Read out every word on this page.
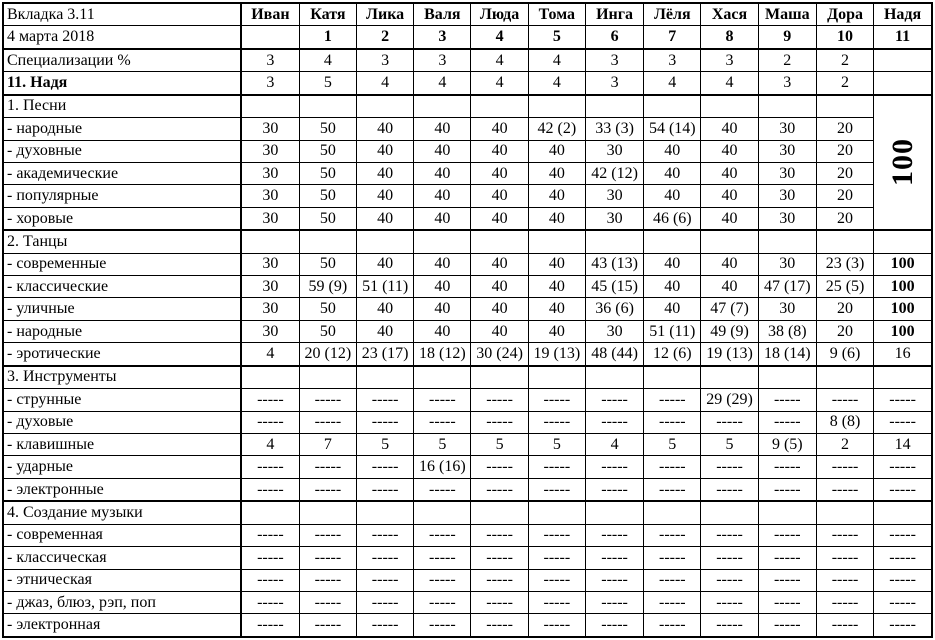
Вкладка 3.11	Иван	Катя	Лика	Валя	Люда	Тома	Инга	Лёля	Хася	Маша	Дора	Надя
4 марта 2018		1	2	3	4	5	6	7	8	9	10	11
Специализации %	3	4	3	3	4	4	3	3	3	2	2	
11. Надя	3	5	4	4	4	4	3	4	4	3	2	
1. Песни												100
- народные	30	50	40	40	40	42 (2)	33 (3)	54 (14)	40	30	20	
- духовные	30	50	40	40	40	40	30	40	40	30	20	
- академические	30	50	40	40	40	40	42 (12)	40	40	30	20	
- популярные	30	50	40	40	40	40	30	40	40	30	20	
- хоровые	30	50	40	40	40	40	30	46 (6)	40	30	20	
2. Танцы												
- современные	30	50	40	40	40	40	43 (13)	40	40	30	23 (3)	100
- классические	30	59 (9)	51 (11)	40	40	40	45 (15)	40	40	47 (17)	25 (5)	100
- уличные	30	50	40	40	40	40	36 (6)	40	47 (7)	30	20	100
- народные	30	50	40	40	40	40	30	51 (11)	49 (9)	38 (8)	20	100
- эротические	4	20 (12)	23 (17)	18 (12)	30 (24)	19 (13)	48 (44)	12 (6)	19 (13)	18 (14)	9 (6)	16
3. Инструменты												
- струнные	-----	-----	-----	-----	-----	-----	-----	-----	29 (29)	-----	-----	-----
- духовые	-----	-----	-----	-----	-----	-----	-----	-----	-----	-----	8 (8)	-----
- клавишные	4	7	5	5	5	5	4	5	5	9 (5)	2	14
- ударные	-----	-----	-----	16 (16)	-----	-----	-----	-----	-----	-----	-----	-----
- электронные	-----	-----	-----	-----	-----	-----	-----	-----	-----	-----	-----	-----
4. Создание музыки												
- современная	-----	-----	-----	-----	-----	-----	-----	-----	-----	-----	-----	-----
- классическая	-----	-----	-----	-----	-----	-----	-----	-----	-----	-----	-----	-----
- этническая	-----	-----	-----	-----	-----	-----	-----	-----	-----	-----	-----	-----
- джаз, блюз, рэп, поп	-----	-----	-----	-----	-----	-----	-----	-----	-----	-----	-----	-----
- электронная	-----	-----	-----	-----	-----	-----	-----	-----	-----	-----	-----	-----
